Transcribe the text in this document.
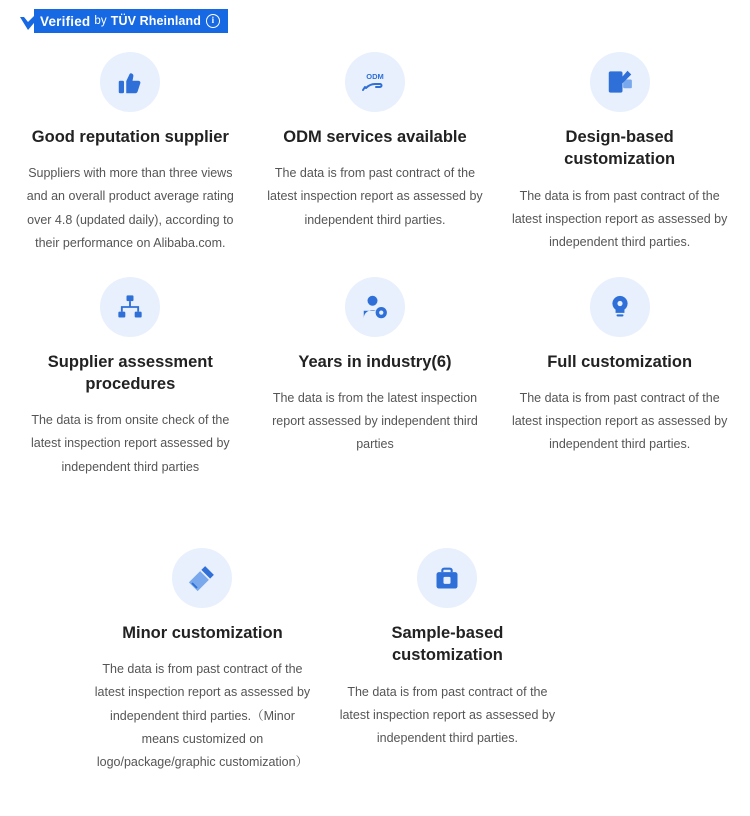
Verified by TÜV Rheinland	i
Good reputation supplier
Suppliers with more than three views and an overall product average rating over 4.8 (updated daily), according to their performance on Alibaba.com.
ODM
ODM services available
The data is from past contract of the latest inspection report as assessed by independent third parties.
Design-based customization
The data is from past contract of the latest inspection report as assessed by independent third parties.
Supplier assessment procedures
The data is from onsite check of the latest inspection report assessed by independent third parties
Years in industry(6)
The data is from the latest inspection report assessed by independent third parties
Full customization
The data is from past contract of the latest inspection report as assessed by independent third parties.
Minor customization
The data is from past contract of the latest inspection report as assessed by independent third parties.（Minor means customized on logo/package/graphic customization）
Sample-based customization
The data is from past contract of the latest inspection report as assessed by independent third parties.
